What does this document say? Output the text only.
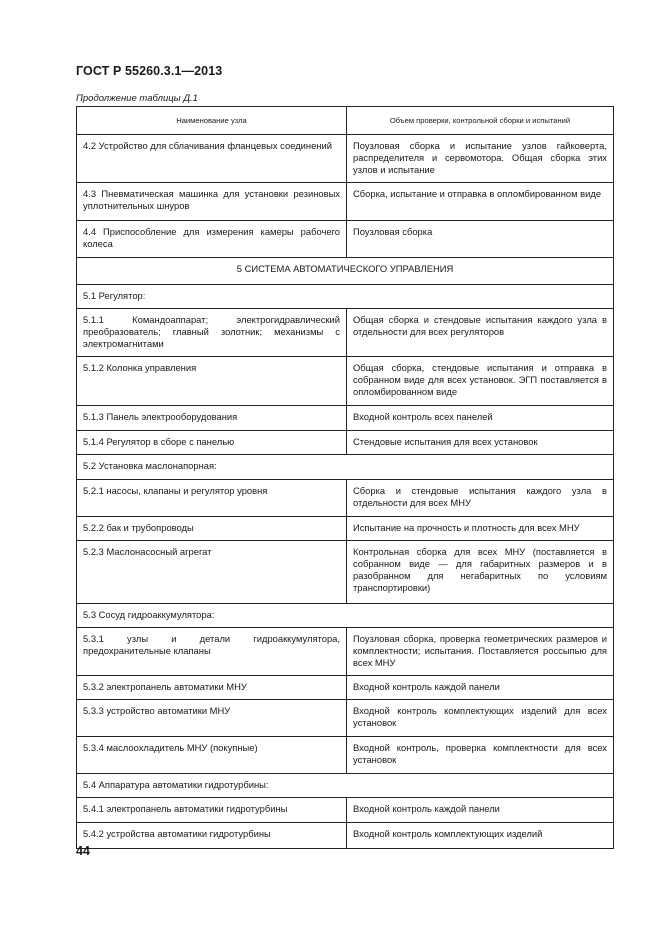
ГОСТ Р 55260.3.1—2013
Продолжение таблицы Д.1
Наименование узла	Объем проверки, контрольной сборки и испытаний
4.2 Устройство для сблачивания фланцевых соединений	Поузловая сборка и испытание узлов гайковерта, распределителя и сервомотора. Общая сборка этих узлов и испытание
4.3 Пневматическая машинка для установки резиновых уплотнительных шнуров	Сборка, испытание и отправка в опломбированном виде
4.4 Приспособление для измерения камеры рабочего колеса	Поузловая сборка
5 СИСТЕМА АВТОМАТИЧЕСКОГО УПРАВЛЕНИЯ	
5.1 Регулятор:	
5.1.1 Командоаппарат; электрогидравлический преобразователь; главный золотник; механизмы с электромагнитами	Общая сборка и стендовые испытания каждого узла в отдельности для всех регуляторов
5.1.2 Колонка управления	Общая сборка, стендовые испытания и отправка в собранном виде для всех установок. ЭГП поставляется в опломбированном виде
5.1.3 Панель электрооборудования	Входной контроль всех панелей
5.1.4 Регулятор в сборе с панелью	Стендовые испытания для всех установок
5.2 Установка маслонапорная:	
5.2.1 насосы, клапаны и регулятор уровня	Сборка и стендовые испытания каждого узла в отдельности для всех МНУ
5.2.2 бак и трубопроводы	Испытание на прочность и плотность для всех МНУ
5.2.3 Маслонасосный агрегат	Контрольная сборка для всех МНУ (поставляется в собранном виде — для габаритных размеров и в разобранном для негабаритных по условиям транспортировки)
5.3 Сосуд гидроаккумулятора:	
5.3.1 узлы и детали гидроаккумулятора, предохранительные клапаны	Поузловая сборка, проверка геометрических размеров и комплектности; испытания. Поставляется россыпью для всех МНУ
5.3.2 электропанель автоматики МНУ	Входной контроль каждой панели
5.3.3 устройство автоматики МНУ	Входной контроль комплектующих изделий для всех установок
5.3.4 маслоохладитель МНУ (покупные)	Входной контроль, проверка комплектности для всех установок
5.4 Аппаратура автоматики гидротурбины:	
5.4.1 электропанель автоматики гидротурбины	Входной контроль каждой панели
5.4.2 устройства автоматики гидротурбины	Входной контроль комплектующих изделий
44
